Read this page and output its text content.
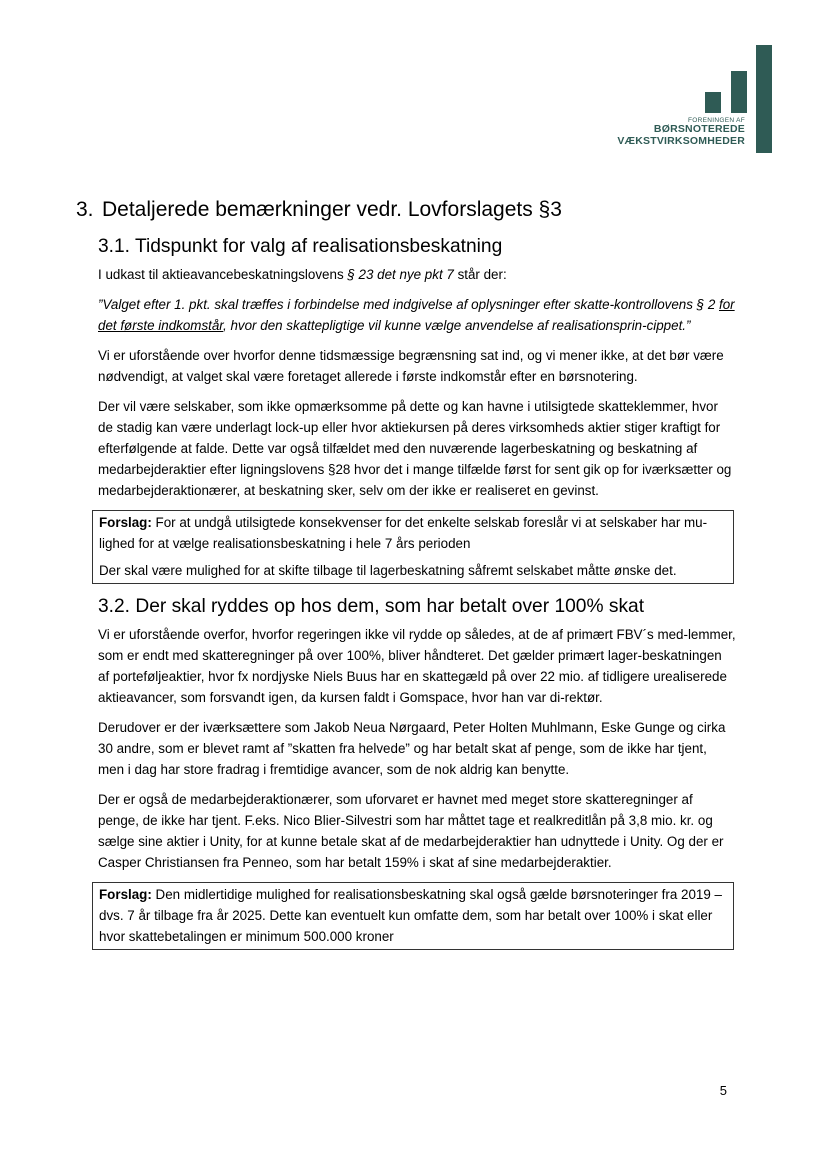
FORENINGEN AF
BØRSNOTEREDE
VÆKSTVIRKSOMHEDER
3. Detaljerede bemærkninger vedr. Lovforslagets §3
3.1. Tidspunkt for valg af realisationsbeskatning

I udkast til aktieavancebeskatningslovens § 23 det nye pkt 7 står der:

”Valget efter 1. pkt. skal træffes i forbindelse med indgivelse af oplysninger efter skatte-kontrollovens § 2 for det første indkomstår, hvor den skattepligtige vil kunne vælge anvendelse af realisationsprin-cippet.”

Vi er uforstående over hvorfor denne tidsmæssige begrænsning sat ind, og vi mener ikke, at det bør være nødvendigt, at valget skal være foretaget allerede i første indkomstår efter en børsnotering.

Der vil være selskaber, som ikke opmærksomme på dette og kan havne i utilsigtede skatteklemmer, hvor de stadig kan være underlagt lock-up eller hvor aktiekursen på deres virksomheds aktier stiger kraftigt for efterfølgende at falde. Dette var også tilfældet med den nuværende lagerbeskatning og beskatning af medarbejderaktier efter ligningslovens §28 hvor det i mange tilfælde først for sent gik op for iværksætter og medarbejderaktionærer, at beskatning sker, selv om der ikke er realiseret en gevinst.

Forslag: For at undgå utilsigtede konsekvenser for det enkelte selskab foreslår vi at selskaber har mu-lighed for at vælge realisationsbeskatning i hele 7 års perioden

Der skal være mulighed for at skifte tilbage til lagerbeskatning såfremt selskabet måtte ønske det.

3.2. Der skal ryddes op hos dem, som har betalt over 100% skat

Vi er uforstående overfor, hvorfor regeringen ikke vil rydde op således, at de af primært FBV´s med-lemmer, som er endt med skatteregninger på over 100%, bliver håndteret. Det gælder primært lager-beskatningen af porteføljeaktier, hvor fx nordjyske Niels Buus har en skattegæld på over 22 mio. af tidligere urealiserede aktieavancer, som forsvandt igen, da kursen faldt i Gomspace, hvor han var di-rektør.

Derudover er der iværksættere som Jakob Neua Nørgaard, Peter Holten Muhlmann, Eske Gunge og cirka 30 andre, som er blevet ramt af ”skatten fra helvede” og har betalt skat af penge, som de ikke har tjent, men i dag har store fradrag i fremtidige avancer, som de nok aldrig kan benytte.

Der er også de medarbejderaktionærer, som uforvaret er havnet med meget store skatteregninger af penge, de ikke har tjent. F.eks. Nico Blier-Silvestri som har måttet tage et realkreditlån på 3,8 mio. kr. og sælge sine aktier i Unity, for at kunne betale skat af de medarbejderaktier han udnyttede i Unity. Og der er Casper Christiansen fra Penneo, som har betalt 159% i skat af sine medarbejderaktier.

Forslag: Den midlertidige mulighed for realisationsbeskatning skal også gælde børsnoteringer fra 2019 – dvs. 7 år tilbage fra år 2025. Dette kan eventuelt kun omfatte dem, som har betalt over 100% i skat eller hvor skattebetalingen er minimum 500.000 kroner

5
